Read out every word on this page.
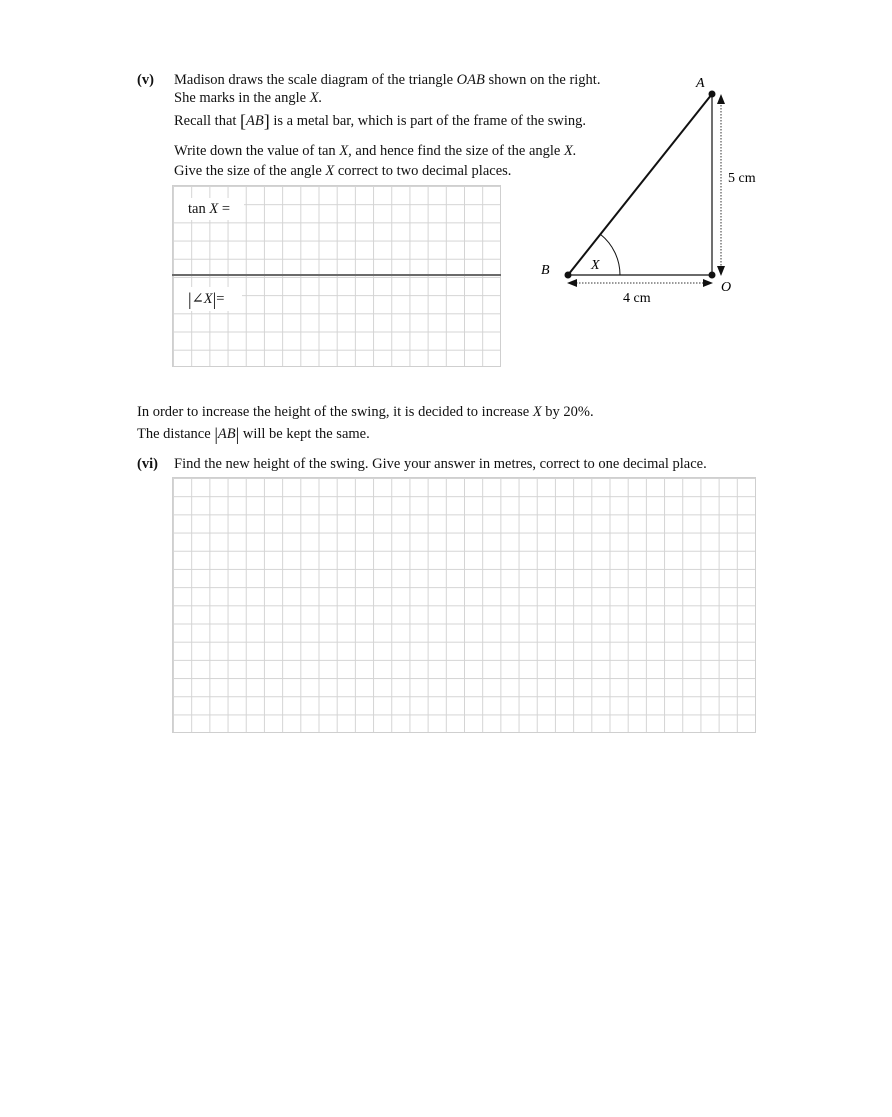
(v) Madison draws the scale diagram of the triangle OAB shown on the right.
She marks in the angle X.
Recall that [AB] is a metal bar, which is part of the frame of the swing.
Write down the value of tan X, and hence find the size of the angle X.
Give the size of the angle X correct to two decimal places.
tan X =
|∠X|=
A
B
O
X
5 cm
4 cm
In order to increase the height of the swing, it is decided to increase X by 20%.
The distance |AB| will be kept the same.
(vi) Find the new height of the swing. Give your answer in metres, correct to one decimal place.
